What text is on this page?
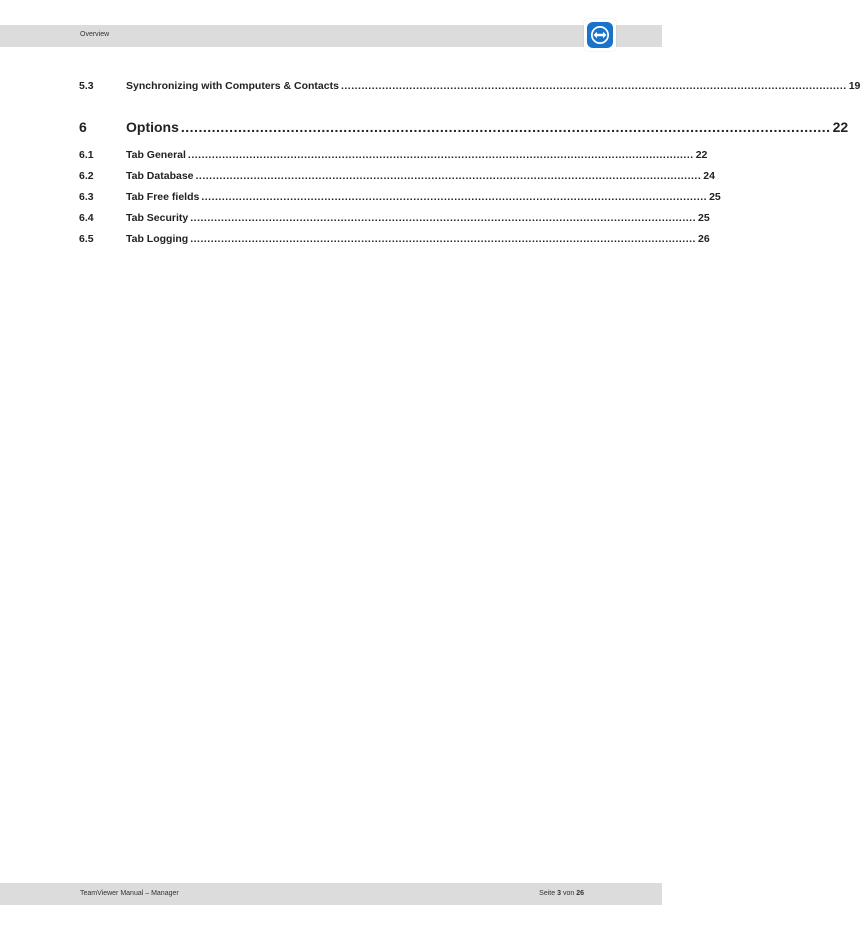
Overview
5.3	Synchronizing with Computers & Contacts .................................................................................................................................................... 19
6	Options .................................................................................................................................................... 22
6.1	Tab General .................................................................................................................................................... 22
6.2	Tab Database .................................................................................................................................................... 24
6.3	Tab Free fields .................................................................................................................................................... 25
6.4	Tab Security .................................................................................................................................................... 25
6.5	Tab Logging .................................................................................................................................................... 26
TeamViewer Manual – Manager	Seite 3 von 26
